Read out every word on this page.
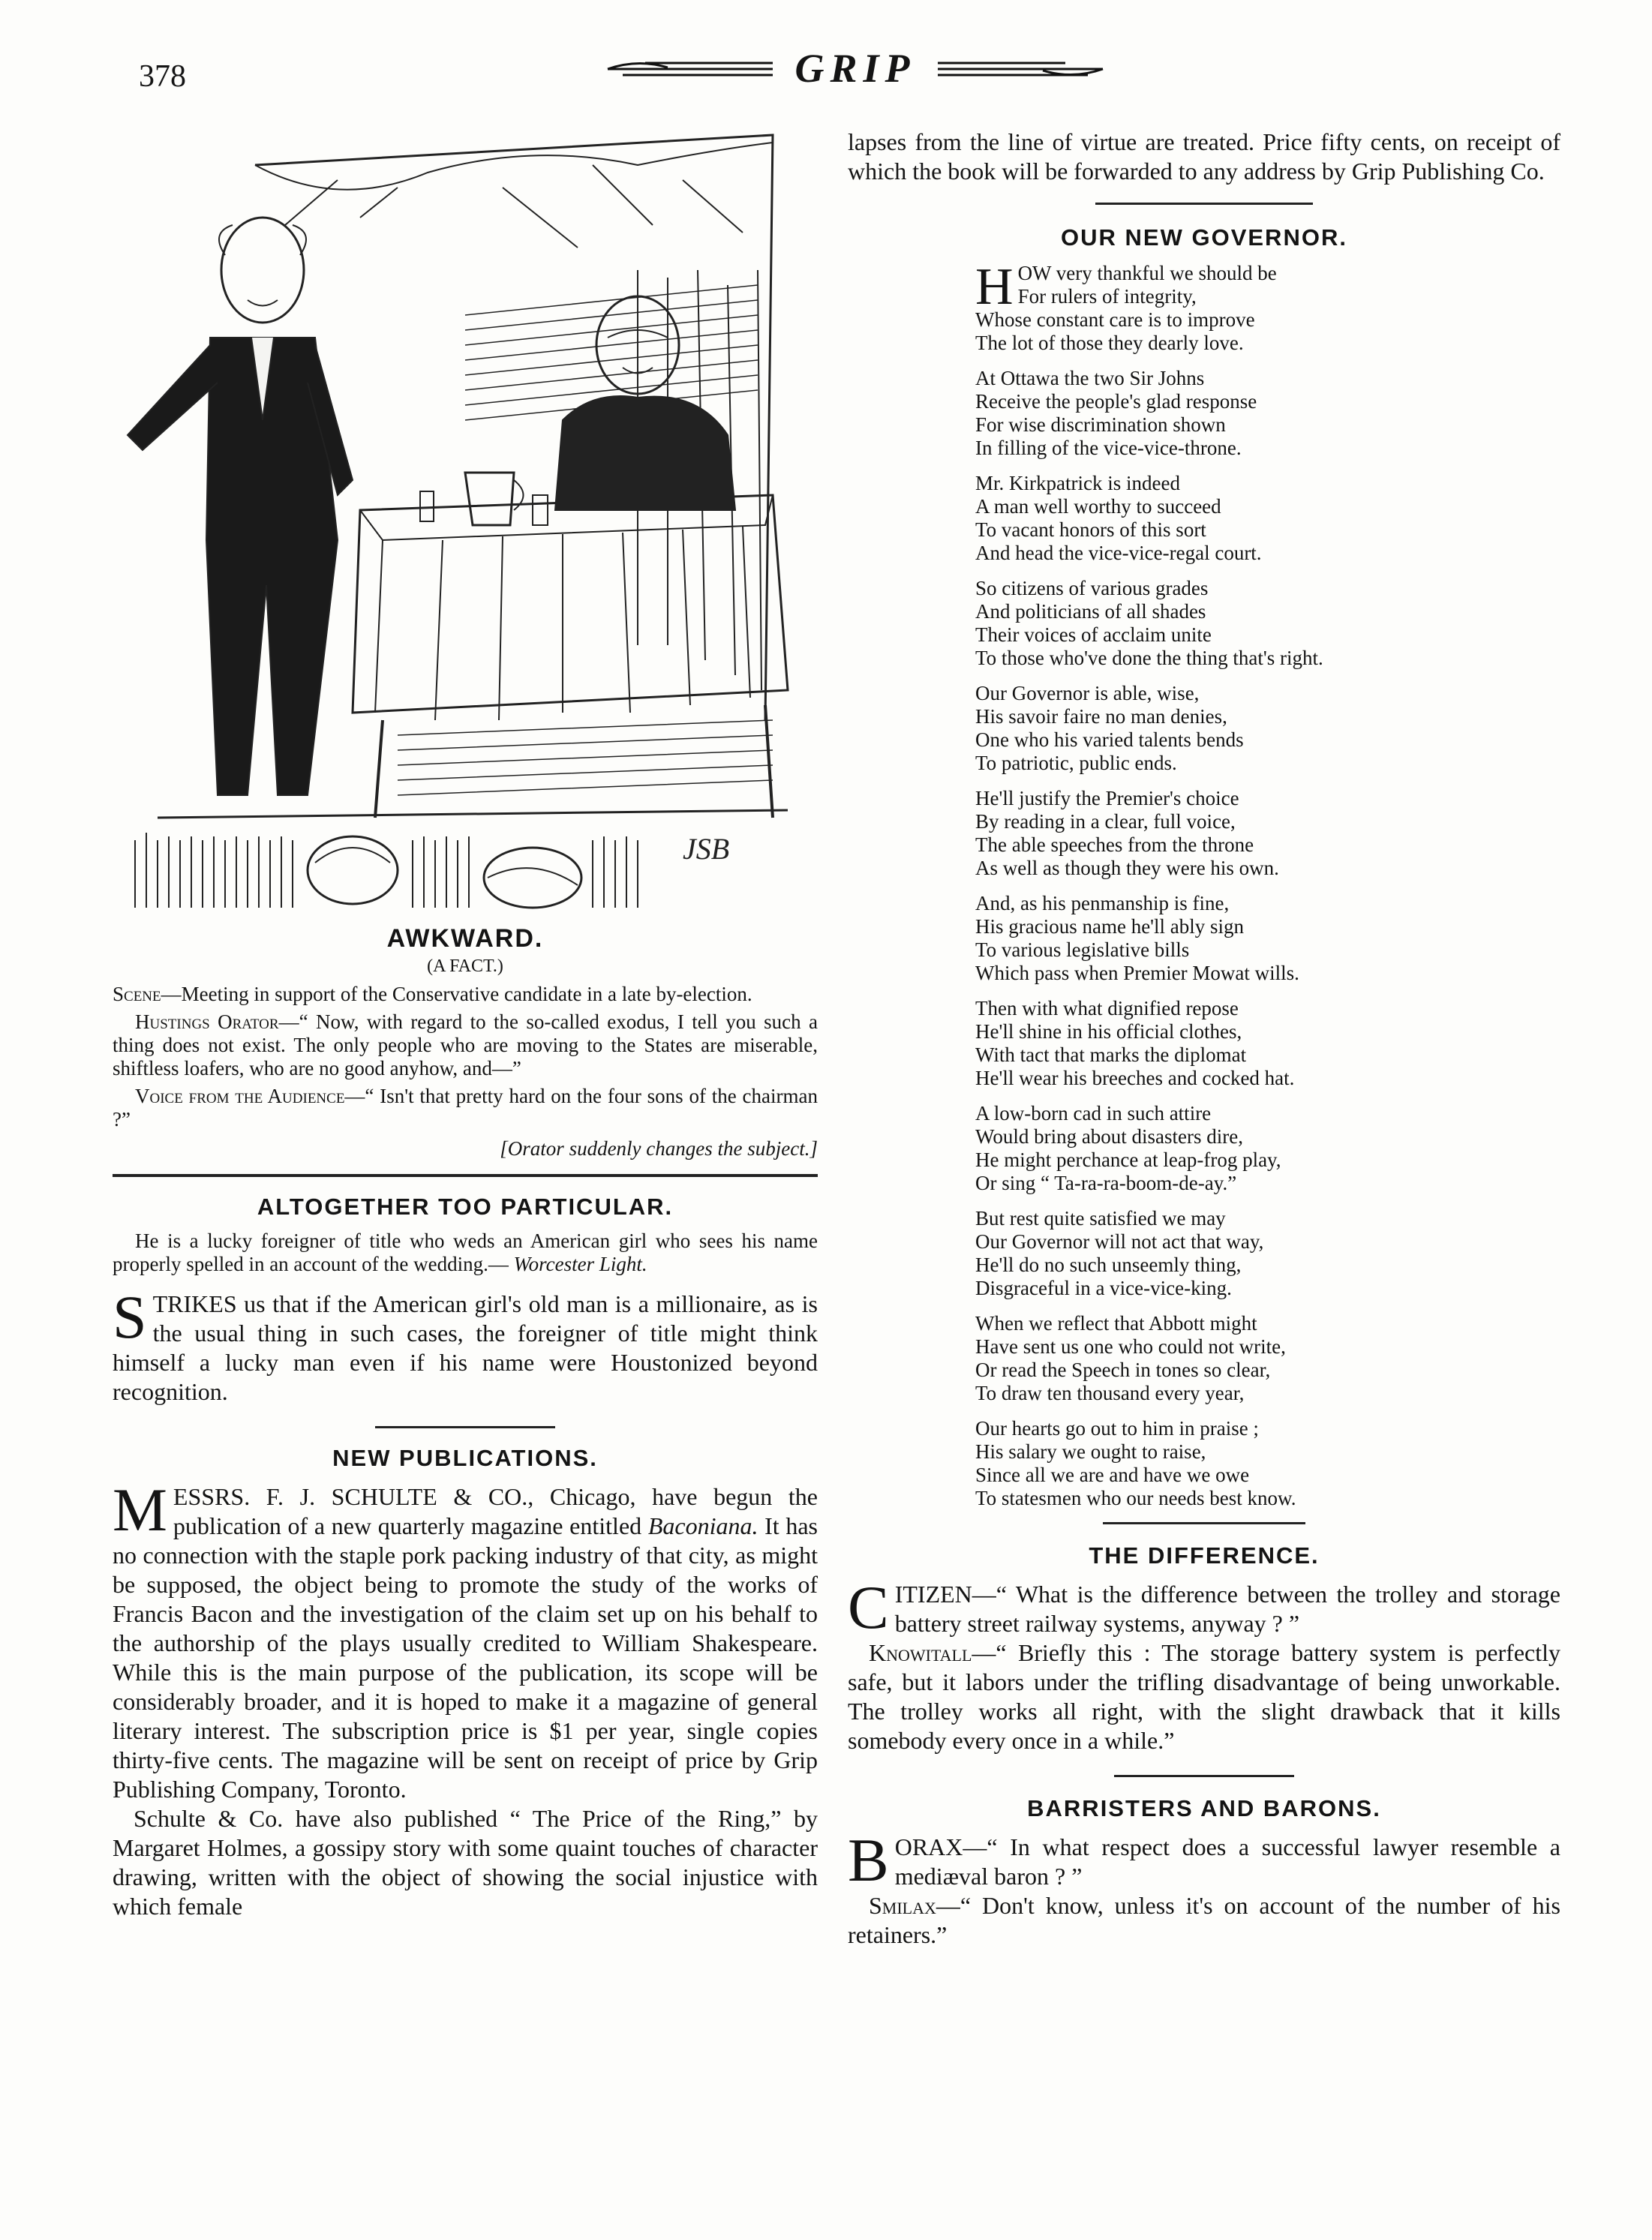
378	GRIP
JSB
AWKWARD.
(A FACT.)

Scene—Meeting in support of the Conservative candidate in a late by-election.

Hustings Orator—“ Now, with regard to the so-called exodus, I tell you such a thing does not exist. The only people who are moving to the States are miserable, shiftless loafers, who are no good anyhow, and—”

Voice from the Audience—“ Isn't that pretty hard on the four sons of the chairman ?”

[Orator suddenly changes the subject.]
ALTOGETHER TOO PARTICULAR.

He is a lucky foreigner of title who weds an American girl who sees his name properly spelled in an account of the wedding.— Worcester Light.

STRIKES us that if the American girl's old man is a millionaire, as is the usual thing in such cases, the foreigner of title might think himself a lucky man even if his name were Houstonized beyond recognition.

NEW PUBLICATIONS.

MESSRS. F. J. SCHULTE & CO., Chicago, have begun the publication of a new quarterly magazine entitled Baconiana. It has no connection with the staple pork packing industry of that city, as might be supposed, the object being to promote the study of the works of Francis Bacon and the investigation of the claim set up on his behalf to the authorship of the plays usually credited to William Shakespeare. While this is the main purpose of the publication, its scope will be considerably broader, and it is hoped to make it a magazine of general literary interest. The subscription price is $1 per year, single copies thirty-five cents. The magazine will be sent on receipt of price by Grip Publishing Company, Toronto.

Schulte & Co. have also published “ The Price of the Ring,” by Margaret Holmes, a gossipy story with some quaint touches of character drawing, written with the object of showing the social injustice with which female

lapses from the line of virtue are treated. Price fifty cents, on receipt of which the book will be forwarded to any address by Grip Publishing Co.

OUR NEW GOVERNOR.
HOW very thankful we should be
For rulers of integrity,
Whose constant care is to improve
The lot of those they dearly love.
At Ottawa the two Sir Johns
Receive the people's glad response
For wise discrimination shown
In filling of the vice-vice-throne.
Mr. Kirkpatrick is indeed
A man well worthy to succeed
To vacant honors of this sort
And head the vice-vice-regal court.
So citizens of various grades
And politicians of all shades
Their voices of acclaim unite
To those who've done the thing that's right.
Our Governor is able, wise,
His savoir faire no man denies,
One who his varied talents bends
To patriotic, public ends.
He'll justify the Premier's choice
By reading in a clear, full voice,
The able speeches from the throne
As well as though they were his own.
And, as his penmanship is fine,
His gracious name he'll ably sign
To various legislative bills
Which pass when Premier Mowat wills.
Then with what dignified repose
He'll shine in his official clothes,
With tact that marks the diplomat
He'll wear his breeches and cocked hat.
A low-born cad in such attire
Would bring about disasters dire,
He might perchance at leap-frog play,
Or sing “ Ta-ra-ra-boom-de-ay.”
But rest quite satisfied we may
Our Governor will not act that way,
He'll do no such unseemly thing,
Disgraceful in a vice-vice-king.
When we reflect that Abbott might
Have sent us one who could not write,
Or read the Speech in tones so clear,
To draw ten thousand every year,
Our hearts go out to him in praise ;
His salary we ought to raise,
Since all we are and have we owe
To statesmen who our needs best know.
THE DIFFERENCE.

CITIZEN—“ What is the difference between the trolley and storage battery street railway systems, anyway ? ”

Knowitall—“ Briefly this : The storage battery system is perfectly safe, but it labors under the trifling disadvantage of being unworkable. The trolley works all right, with the slight drawback that it kills somebody every once in a while.”

BARRISTERS AND BARONS.

BORAX—“ In what respect does a successful lawyer resemble a mediæval baron ? ”

Smilax—“ Don't know, unless it's on account of the number of his retainers.”
